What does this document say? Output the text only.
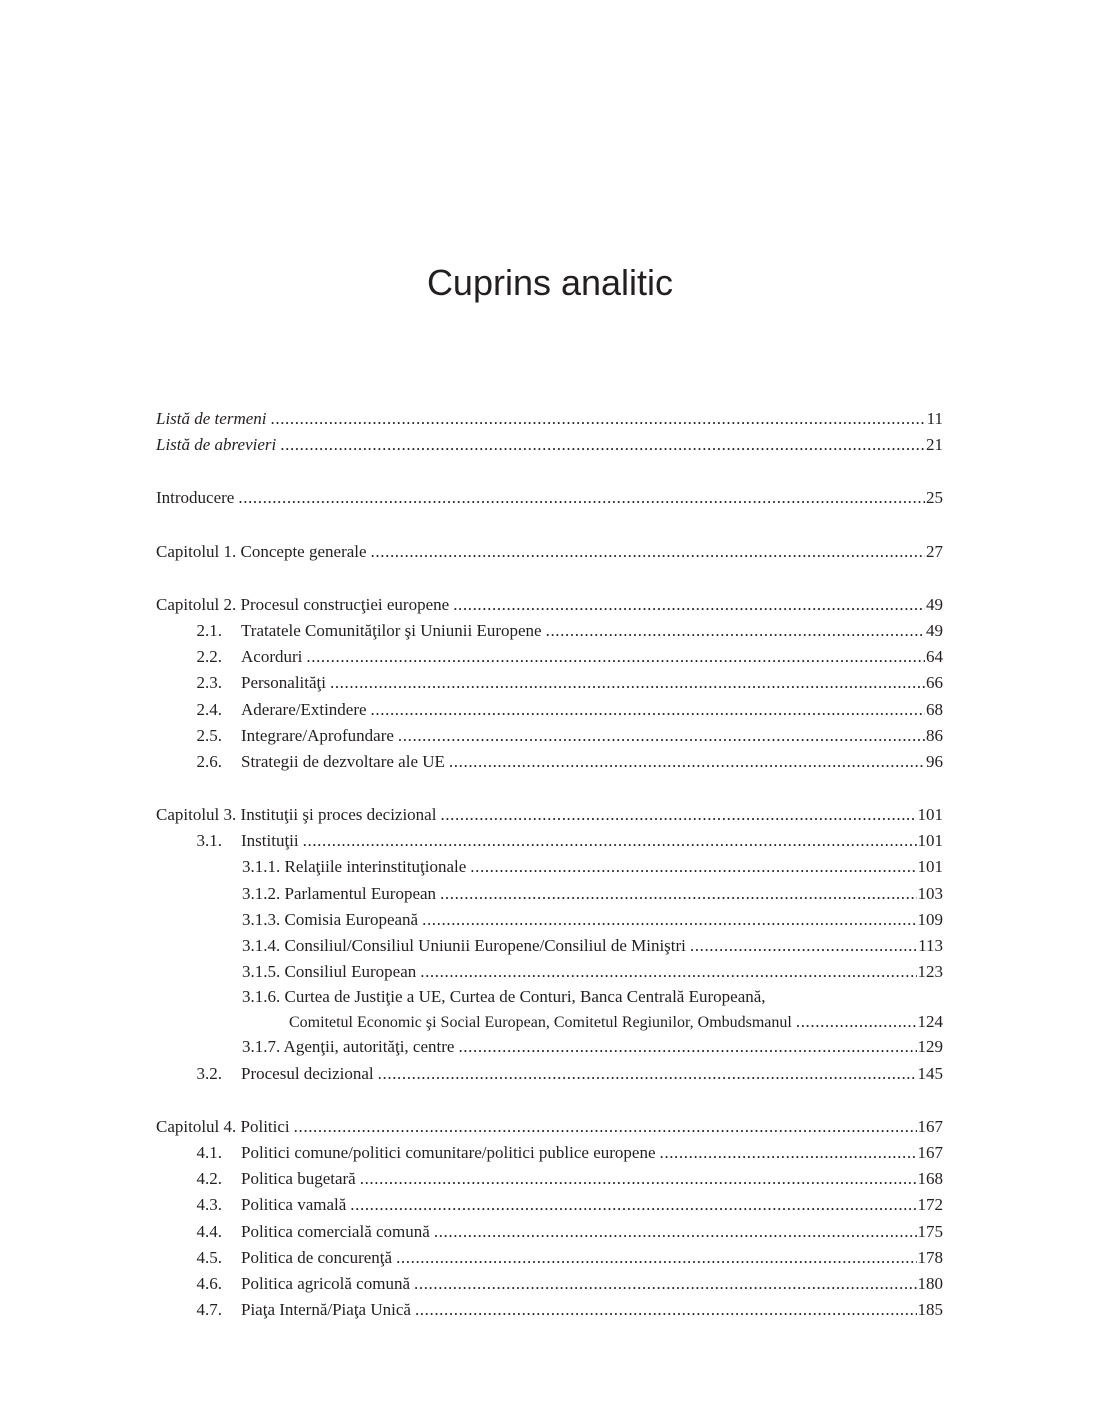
Cuprins analitic
Listă de termeni .....	11
Listă de abrevieri .....	21
Introducere .....	25
Capitolul 1. Concepte generale .....	27
Capitolul 2. Procesul construcţiei europene .....	49
2.1.	Tratatele Comunităţilor şi Uniunii Europene .....	49
2.2.	Acorduri .....	64
2.3.	Personalităţi .....	66
2.4.	Aderare/Extindere .....	68
2.5.	Integrare/Aprofundare .....	86
2.6.	Strategii de dezvoltare ale UE .....	96
Capitolul 3. Instituţii şi proces decizional .....	101
3.1.	Instituţii .....	101
3.1.1. Relaţiile interinstituţionale .....	101
3.1.2. Parlamentul European .....	103
3.1.3. Comisia Europeană .....	109
3.1.4. Consiliul/Consiliul Uniunii Europene/Consiliul de Miniştri .....	113
3.1.5. Consiliul European .....	123
3.1.6. Curtea de Justiţie a UE, Curtea de Conturi, Banca Centrală Europeană,
Comitetul Economic şi Social European, Comitetul Regiunilor, Ombudsmanul .....	124
3.1.7. Agenţii, autorităţi, centre .....	129
3.2.	Procesul decizional .....	145
Capitolul 4. Politici .....	167
4.1.	Politici comune/politici comunitare/politici publice europene .....	167
4.2.	Politica bugetară .....	168
4.3.	Politica vamală .....	172
4.4.	Politica comercială comună .....	175
4.5.	Politica de concurenţă .....	178
4.6.	Politica agricolă comună .....	180
4.7.	Piaţa Internă/Piaţa Unică .....	185
